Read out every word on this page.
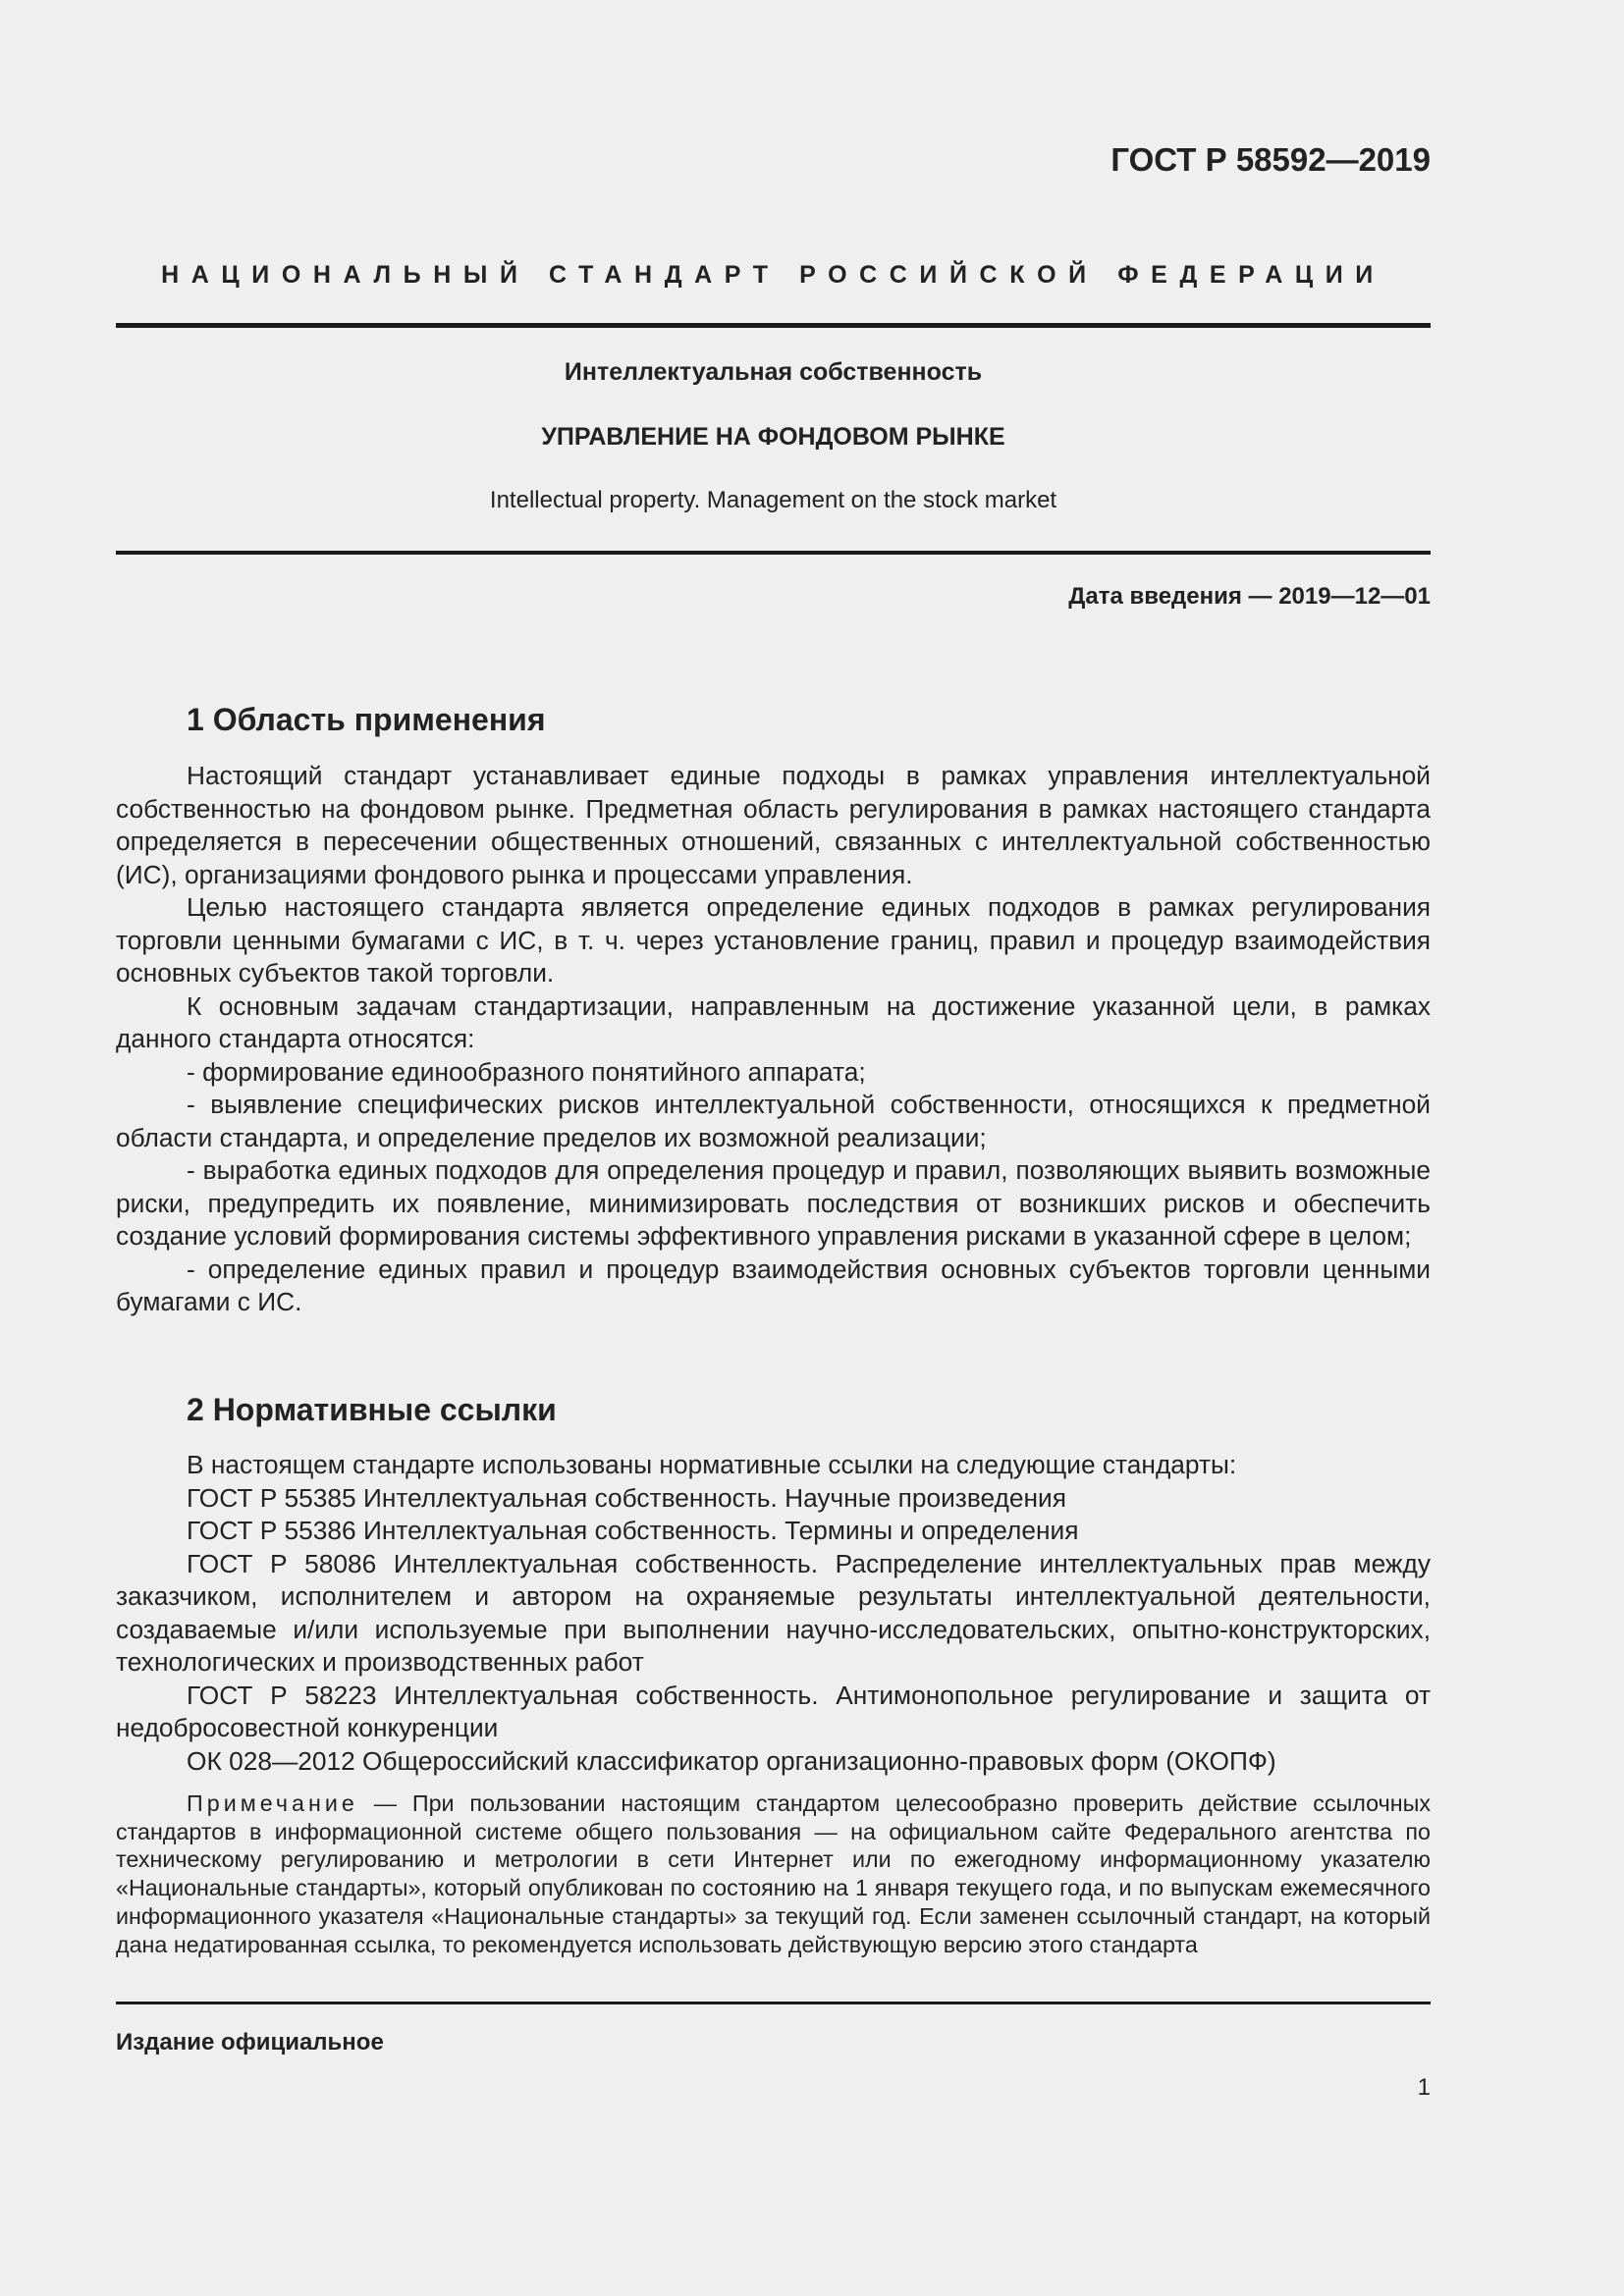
ГОСТ Р 58592—2019
НАЦИОНАЛЬНЫЙ СТАНДАРТ РОССИЙСКОЙ ФЕДЕРАЦИИ
Интеллектуальная собственность
УПРАВЛЕНИЕ НА ФОНДОВОМ РЫНКЕ

Intellectual property. Management on the stock market

Дата введения — 2019—12—01

1 Область применения

Настоящий стандарт устанавливает единые подходы в рамках управления интеллектуальной собственностью на фондовом рынке. Предметная область регулирования в рамках настоящего стандарта определяется в пересечении общественных отношений, связанных с интеллектуальной собственностью (ИС), организациями фондового рынка и процессами управления.

Целью настоящего стандарта является определение единых подходов в рамках регулирования торговли ценными бумагами с ИС, в т. ч. через установление границ, правил и процедур взаимодействия основных субъектов такой торговли.

К основным задачам стандартизации, направленным на достижение указанной цели, в рамках данного стандарта относятся:

- формирование единообразного понятийного аппарата;

- выявление специфических рисков интеллектуальной собственности, относящихся к предметной области стандарта, и определение пределов их возможной реализации;

- выработка единых подходов для определения процедур и правил, позволяющих выявить возможные риски, предупредить их появление, минимизировать последствия от возникших рисков и обеспечить создание условий формирования системы эффективного управления рисками в указанной сфере в целом;

- определение единых правил и процедур взаимодействия основных субъектов торговли ценными бумагами с ИС.

2 Нормативные ссылки

В настоящем стандарте использованы нормативные ссылки на следующие стандарты:

ГОСТ Р 55385 Интеллектуальная собственность. Научные произведения

ГОСТ Р 55386 Интеллектуальная собственность. Термины и определения

ГОСТ Р 58086 Интеллектуальная собственность. Распределение интеллектуальных прав между заказчиком, исполнителем и автором на охраняемые результаты интеллектуальной деятельности, создаваемые и/или используемые при выполнении научно-исследовательских, опытно-конструкторских, технологических и производственных работ

ГОСТ Р 58223 Интеллектуальная собственность. Антимонопольное регулирование и защита от недобросовестной конкуренции

ОК 028—2012 Общероссийский классификатор организационно-правовых форм (ОКОПФ)

Примечание — При пользовании настоящим стандартом целесообразно проверить действие ссылочных стандартов в информационной системе общего пользования — на официальном сайте Федерального агентства по техническому регулированию и метрологии в сети Интернет или по ежегодному информационному указателю «Национальные стандарты», который опубликован по состоянию на 1 января текущего года, и по выпускам ежемесячного информационного указателя «Национальные стандарты» за текущий год. Если заменен ссылочный стандарт, на который дана недатированная ссылка, то рекомендуется использовать действующую версию этого стандарта

Издание официальное

1
